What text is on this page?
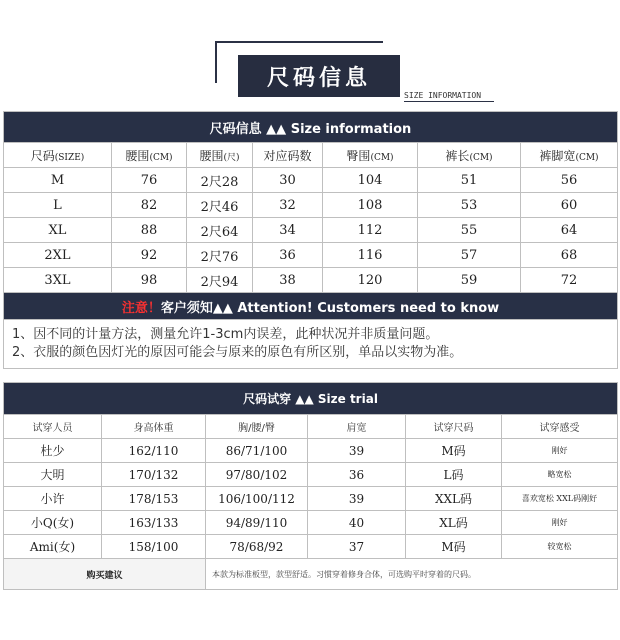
尺码信息
SIZE INFORMATION
尺码信息 ▲▲ Size information						
尺码(SIZE)	腰围(CM)	腰围(尺)	对应码数	臀围(CM)	裤长(CM)	裤脚宽(CM)
M	76	2尺28	30	104	51	56
L	82	2尺46	32	108	53	60
XL	88	2尺64	34	112	55	64
2XL	92	2尺76	36	116	57	68
3XL	98	2尺94	38	120	59	72
注意！客户须知▲▲ Attention! Customers need to know						

1、因不同的计量方法，测量允许1-3cm内误差，此种状况并非质量问题。
2、衣服的颜色因灯光的原因可能会与原来的原色有所区别，单品以实物为准。						
尺码试穿 ▲▲ Size trial					
试穿人员	身高体重	胸/腰/臀	肩宽	试穿尺码	试穿感受
杜少	162/110	86/71/100	39	M码	刚好
大明	170/132	97/80/102	36	L码	略宽松
小许	178/153	106/100/112	39	XXL码	喜欢宽松 XXL码刚好
小Q(女)	163/133	94/89/110	40	XL码	刚好
Ami(女)	158/100	78/68/92	37	M码	较宽松
购买建议		本款为标准板型，款型舒适。习惯穿着修身合体，可选购平时穿着的尺码。			
